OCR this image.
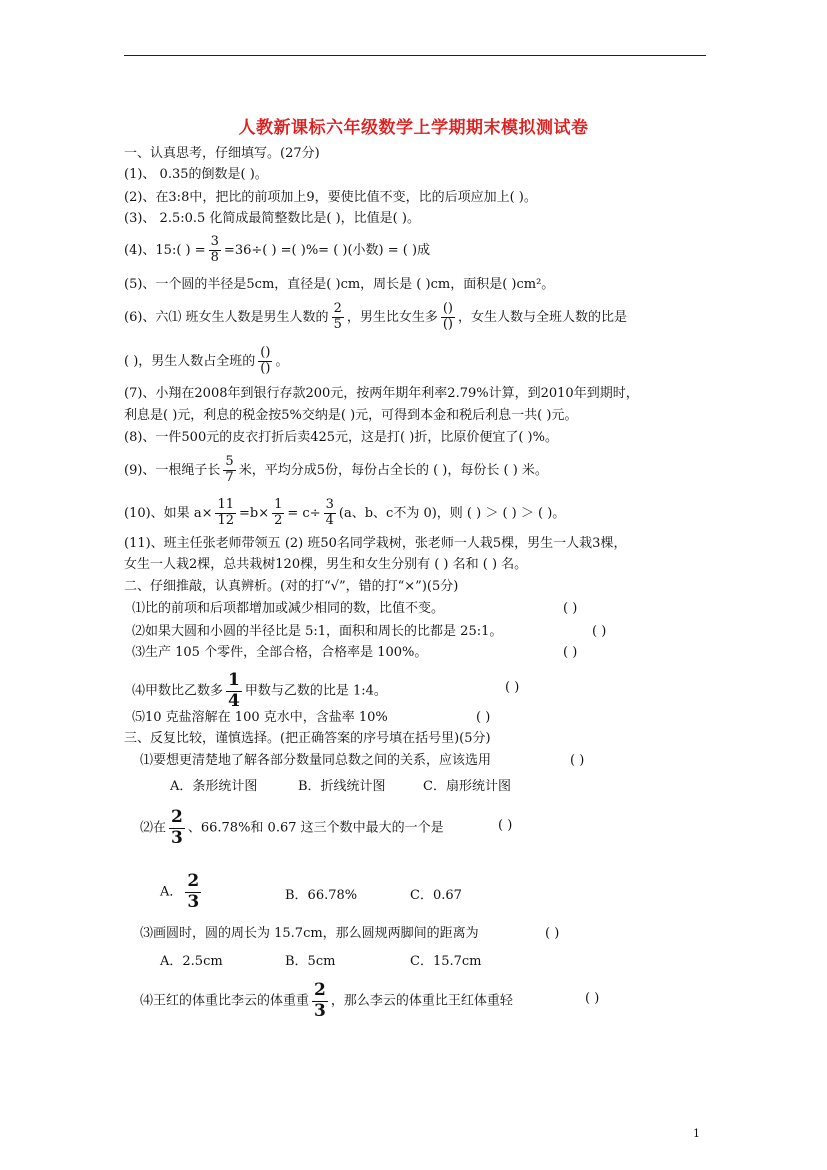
人教新课标六年级数学上学期期末模拟测试卷
一、认真思考，仔细填写。(27分)
(1)、 0.35的倒数是( )。
(2)、在3:8中，把比的前项加上9，要使比值不变，比的后项应加上( )。
(3)、 2.5:0.5 化简成最简整数比是( )，比值是( )。
(4)、15:( ) = $\frac{3}{8} =36\div$( ) =( )%= ( )(小数) = ( )成
(5)、一个圆的半径是5cm，直径是( )cm，周长是 ( )cm，面积是( )cm²。
(6)、六⑴ 班女生人数是男生人数的 $\frac{2}{5}$ ，男生比女生多 $\frac{()}{()}$ ，女生人数与全班人数的比是
( )，男生人数占全班的 $\frac{()}{()}$ 。
(7)、小翔在2008年到银行存款200元，按两年期年利率2.79%计算，到2010年到期时，
利息是( )元，利息的税金按5%交纳是( )元，可得到本金和税后利息一共( )元。
(8)、一件500元的皮衣打折后卖425元，这是打( )折，比原价便宜了( )%。
(9)、一根绳子长 $\frac{5}{7}$ 米，平均分成5份，每份占全长的 ( )，每份长 ( ) 米。
(10)、如果 $a\times \frac{11}{12} =b\times \frac{1}{2} = c\div \frac{3}{4} (a$、b、c不为 0)，则 ( ) ＞ ( ) ＞ ( )。
(11)、班主任张老师带领五 (2) 班50名同学栽树，张老师一人栽5棵，男生一人栽3棵，
女生一人栽2棵，总共栽树120棵，男生和女生分别有 ( ) 名和 ( ) 名。
二、仔细推敲，认真辨析。(对的打“√”，错的打“×”)(5分)
⑴比的前项和后项都增加或减少相同的数，比值不变。	( )
⑵如果大圆和小圆的半径比是 5:1，面积和周长的比都是 25:1。	( )
⑶生产 105 个零件，全部合格，合格率是 100%。	( )
⑷甲数比乙数多 $\frac{1}{4}$ 甲数与乙数的比是 1:4。	( )
⑸10 克盐溶解在 100 克水中，含盐率 10%	( )
三、反复比较，谨慎选择。(把正确答案的序号填在括号里)(5分)
⑴要想更清楚地了解各部分数量同总数之间的关系，应该选用	( )
A．条形统计图	B．折线统计图	C．扇形统计图
⑵在 $\frac{2}{3}$ 、66.78%和 0.67 这三个数中最大的一个是	( )
A． $\frac{2}{3}$	B．66.78%	C．0.67
⑶画圆时，圆的周长为 15.7cm，那么圆规两脚间的距离为	( )
A．2.5cm	B．5cm	C．15.7cm
⑷王红的体重比李云的体重重 $\frac{2}{3}$ ，那么李云的体重比王红体重轻	( )
1
